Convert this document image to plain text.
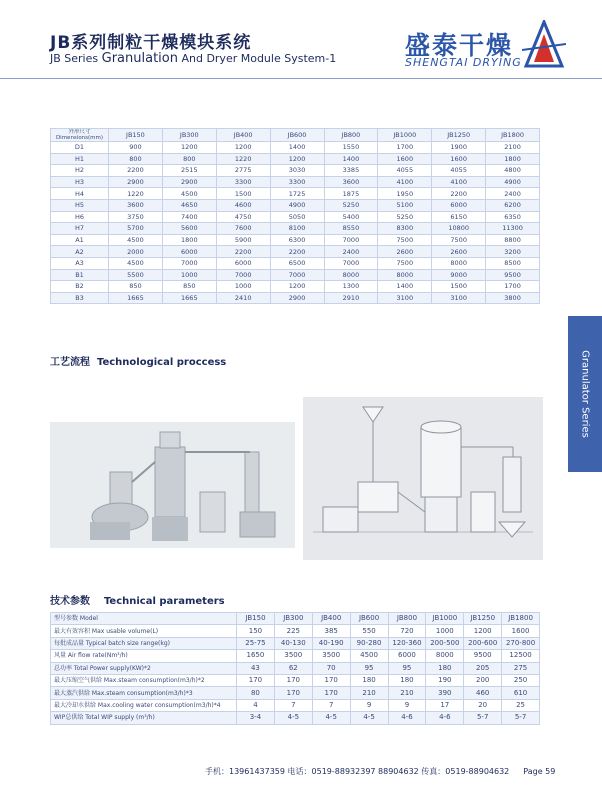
JB系列制粒干燥模块系统
JB Series Granulation And Dryer Module System-1	盛泰干燥
SHENGTAI DRYING
Granulator Series
外形尺寸
Dimensions(mm)	JB150	JB300	JB400	JB600	JB800	JB1000	JB1250	JB1800
D1	900	1200	1200	1400	1550	1700	1900	2100
H1	800	800	1220	1200	1400	1600	1600	1800
H2	2200	2515	2775	3030	3385	4055	4055	4800
H3	2900	2900	3300	3300	3600	4100	4100	4900
H4	1220	4500	1500	1725	1875	1950	2200	2400
H5	3600	4650	4600	4900	5250	5100	6000	6200
H6	3750	7400	4750	5050	5400	5250	6150	6350
H7	5700	5600	7600	8100	8550	8300	10800	11300
A1	4500	1800	5900	6300	7000	7500	7500	8800
A2	2000	6000	2200	2200	2400	2600	2600	3200
A3	4500	7000	6000	6500	7000	7500	8000	8500
B1	5500	1000	7000	7000	8000	8000	9000	9500
B2	850	850	1000	1200	1300	1400	1500	1700
B3	1665	1665	2410	2900	2910	3100	3100	3800
工艺流程 Technological proccess
技术参数 Technical parameters
型号参数 Model	JB150	JB300	JB400	JB600	JB800	JB1000	JB1250	JB1800
最大有效容积 Max usable volume(L)	150	225	385	550	720	1000	1200	1600
每批成品量 Typical batch size range(kg)	25-75	40-130	40-190	90-280	120-360	200-500	200-600	270-800
风量 Air flow rate(Nm³/h)	1650	3500	3500	4500	6000	8000	9500	12500
总功率 Total Power supply(KW)*2	43	62	70	95	95	180	205	275
最大压缩空气供给 Max.steam consumption(m3/h)*2	170	170	170	180	180	190	200	250
最大蒸汽供给 Max.steam consumption(m3/h)*3	80	170	170	210	210	390	460	610
最大冷却水供给 Max.cooling water consumption(m3/h)*4	4	7	7	9	9	17	20	25
WIP总供给 Total WIP supply (m³/h)	3-4	4-5	4-5	4-5	4-6	4-6	5-7	5-7
手机：13961437359 电话：0519-88932397 88904632 传真：0519-88904632 Page 59
